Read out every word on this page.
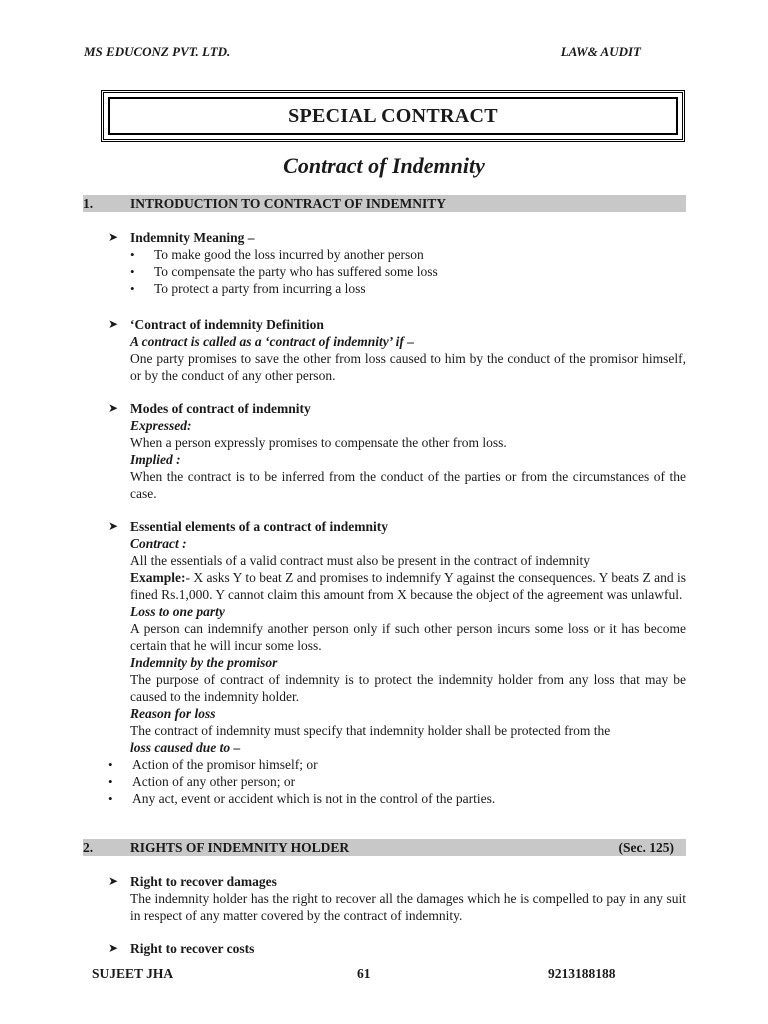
MS EDUCONZ PVT. LTD.	LAW& AUDIT
SPECIAL CONTRACT
Contract of Indemnity
1.	INTRODUCTION TO CONTRACT OF INDEMNITY
➤ Indemnity Meaning –
• To make good the loss incurred by another person
• To compensate the party who has suffered some loss
• To protect a party from incurring a loss
➤ ‘Contract of indemnity Definition
A contract is called as a ‘contract of indemnity’ if –
One party promises to save the other from loss caused to him by the conduct of the promisor himself, or by the conduct of any other person.
➤ Modes of contract of indemnity
Expressed:
When a person expressly promises to compensate the other from loss.
Implied :
When the contract is to be inferred from the conduct of the parties or from the circumstances of the case.
➤ Essential elements of a contract of indemnity
Contract :
All the essentials of a valid contract must also be present in the contract of indemnity
Example:- X asks Y to beat Z and promises to indemnify Y against the consequences. Y beats Z and is fined Rs.1,000. Y cannot claim this amount from X because the object of the agreement was unlawful.
Loss to one party
A person can indemnify another person only if such other person incurs some loss or it has become certain that he will incur some loss.
Indemnity by the promisor
The purpose of contract of indemnity is to protect the indemnity holder from any loss that may be caused to the indemnity holder.
Reason for loss
The contract of indemnity must specify that indemnity holder shall be protected from the
loss caused due to –
• Action of the promisor himself; or
• Action of any other person; or
• Any act, event or accident which is not in the control of the parties.
2.	RIGHTS OF INDEMNITY HOLDER	(Sec. 125)
➤ Right to recover damages
The indemnity holder has the right to recover all the damages which he is compelled to pay in any suit in respect of any matter covered by the contract of indemnity.
➤ Right to recover costs
SUJEET JHA	61	9213188188
